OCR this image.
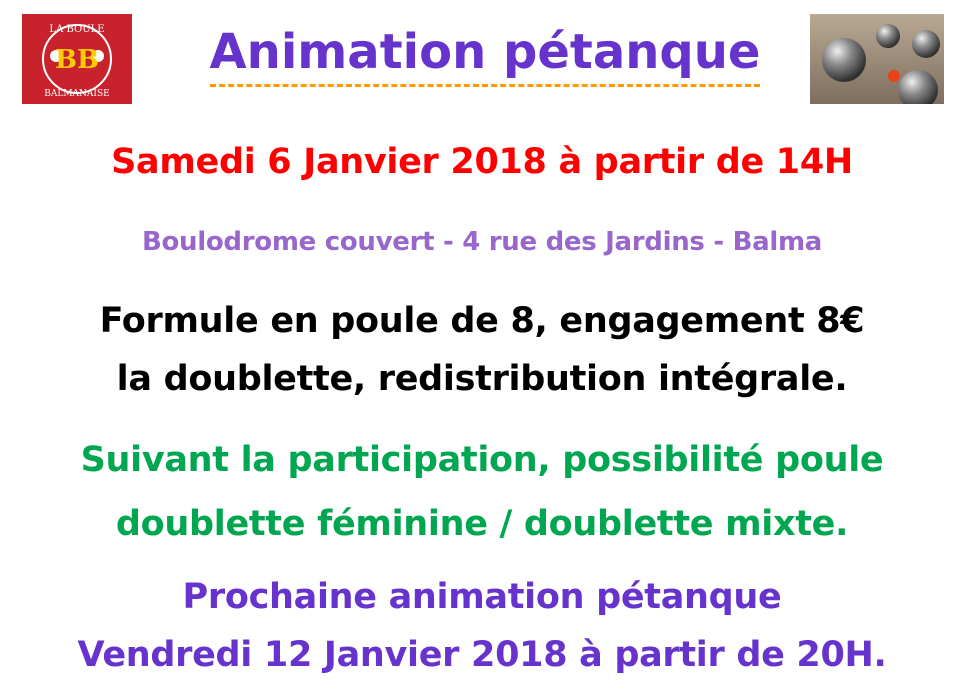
LA BOULE
BALMANAISE
BB	Animation pétanque
Samedi 6 Janvier 2018 à partir de 14H
Boulodrome couvert - 4 rue des Jardins - Balma
Formule en poule de 8, engagement 8€
la doublette, redistribution intégrale.
Suivant la participation, possibilité poule
doublette féminine / doublette mixte.
Prochaine animation pétanque
Vendredi 12 Janvier 2018 à partir de 20H.
